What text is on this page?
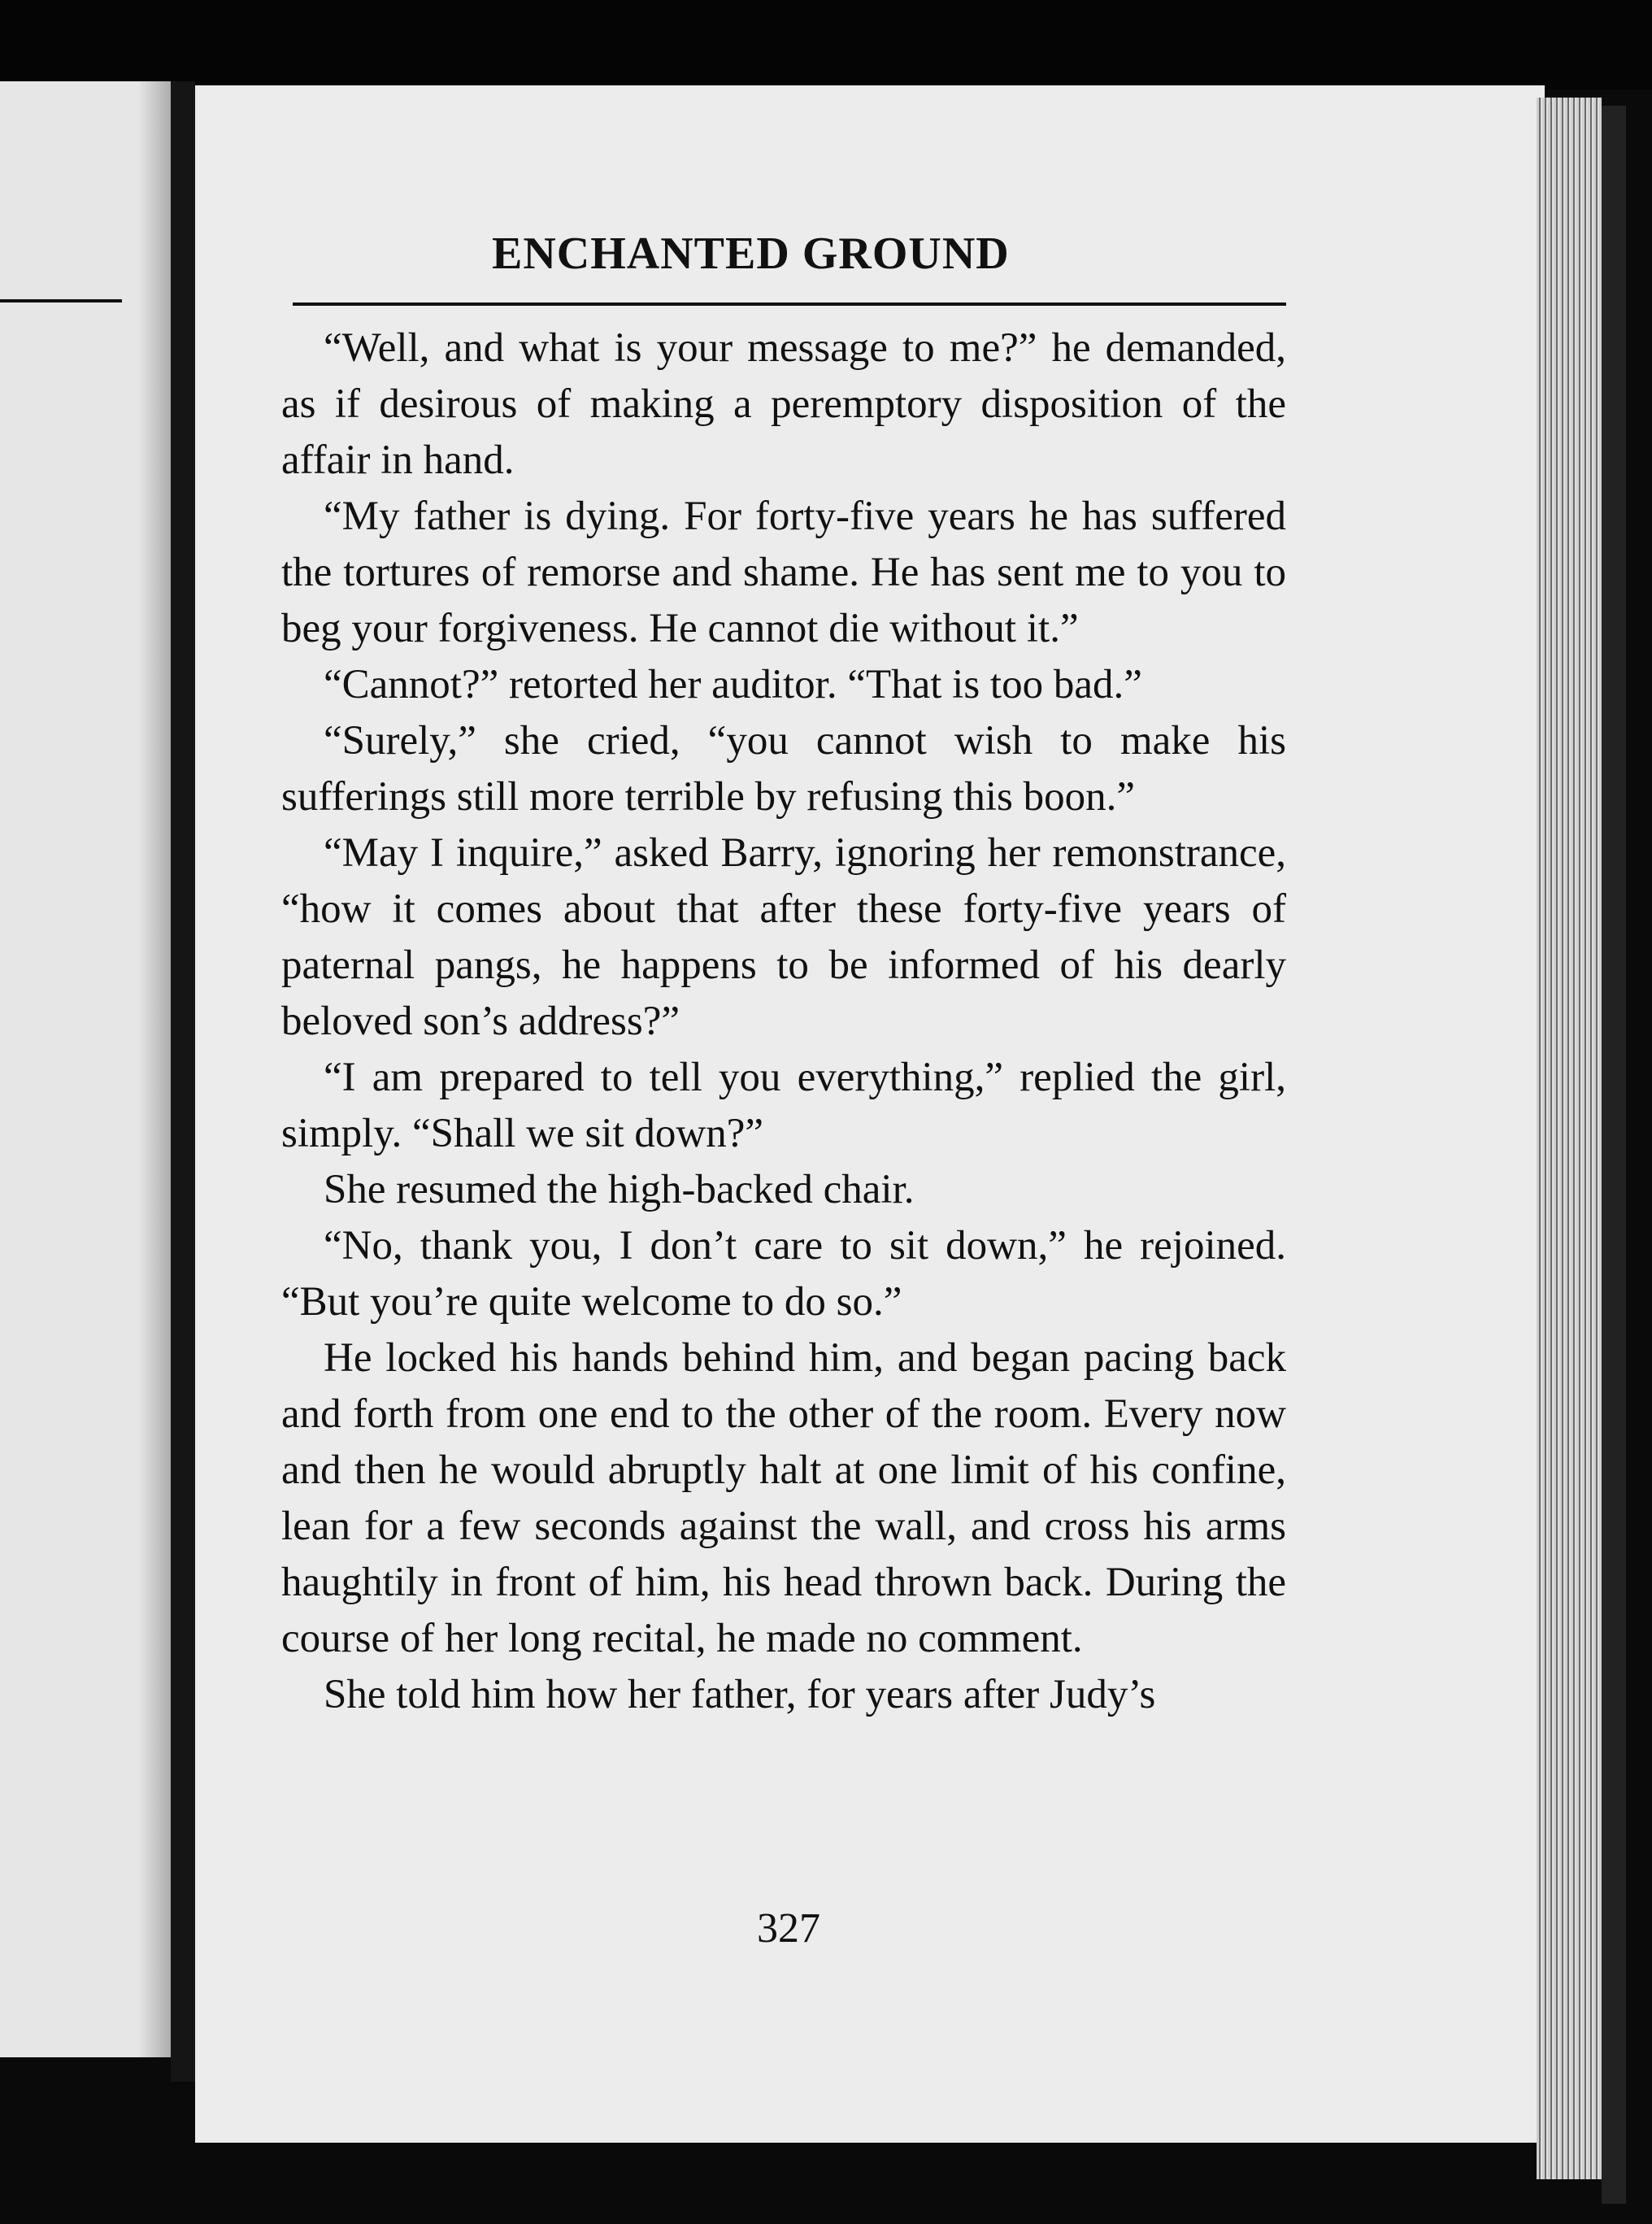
ENCHANTED GROUND

“Well, and what is your message to me?” he demanded, as if desirous of making a peremptory disposition of the affair in hand.

“My father is dying. For forty-five years he has suffered the tortures of remorse and shame. He has sent me to you to beg your forgiveness. He cannot die without it.”

“Cannot?” retorted her auditor. “That is too bad.”

“Surely,” she cried, “you cannot wish to make his sufferings still more terrible by refusing this boon.”

“May I inquire,” asked Barry, ignoring her remonstrance, “how it comes about that after these forty-five years of paternal pangs, he happens to be informed of his dearly beloved son’s address?”

“I am prepared to tell you everything,” replied the girl, simply. “Shall we sit down?”

She resumed the high-backed chair.

“No, thank you, I don’t care to sit down,” he rejoined. “But you’re quite welcome to do so.”

He locked his hands behind him, and began pacing back and forth from one end to the other of the room. Every now and then he would abruptly halt at one limit of his confine, lean for a few seconds against the wall, and cross his arms haughtily in front of him, his head thrown back. During the course of her long recital, he made no comment.

She told him how her father, for years after Judy’s

327
